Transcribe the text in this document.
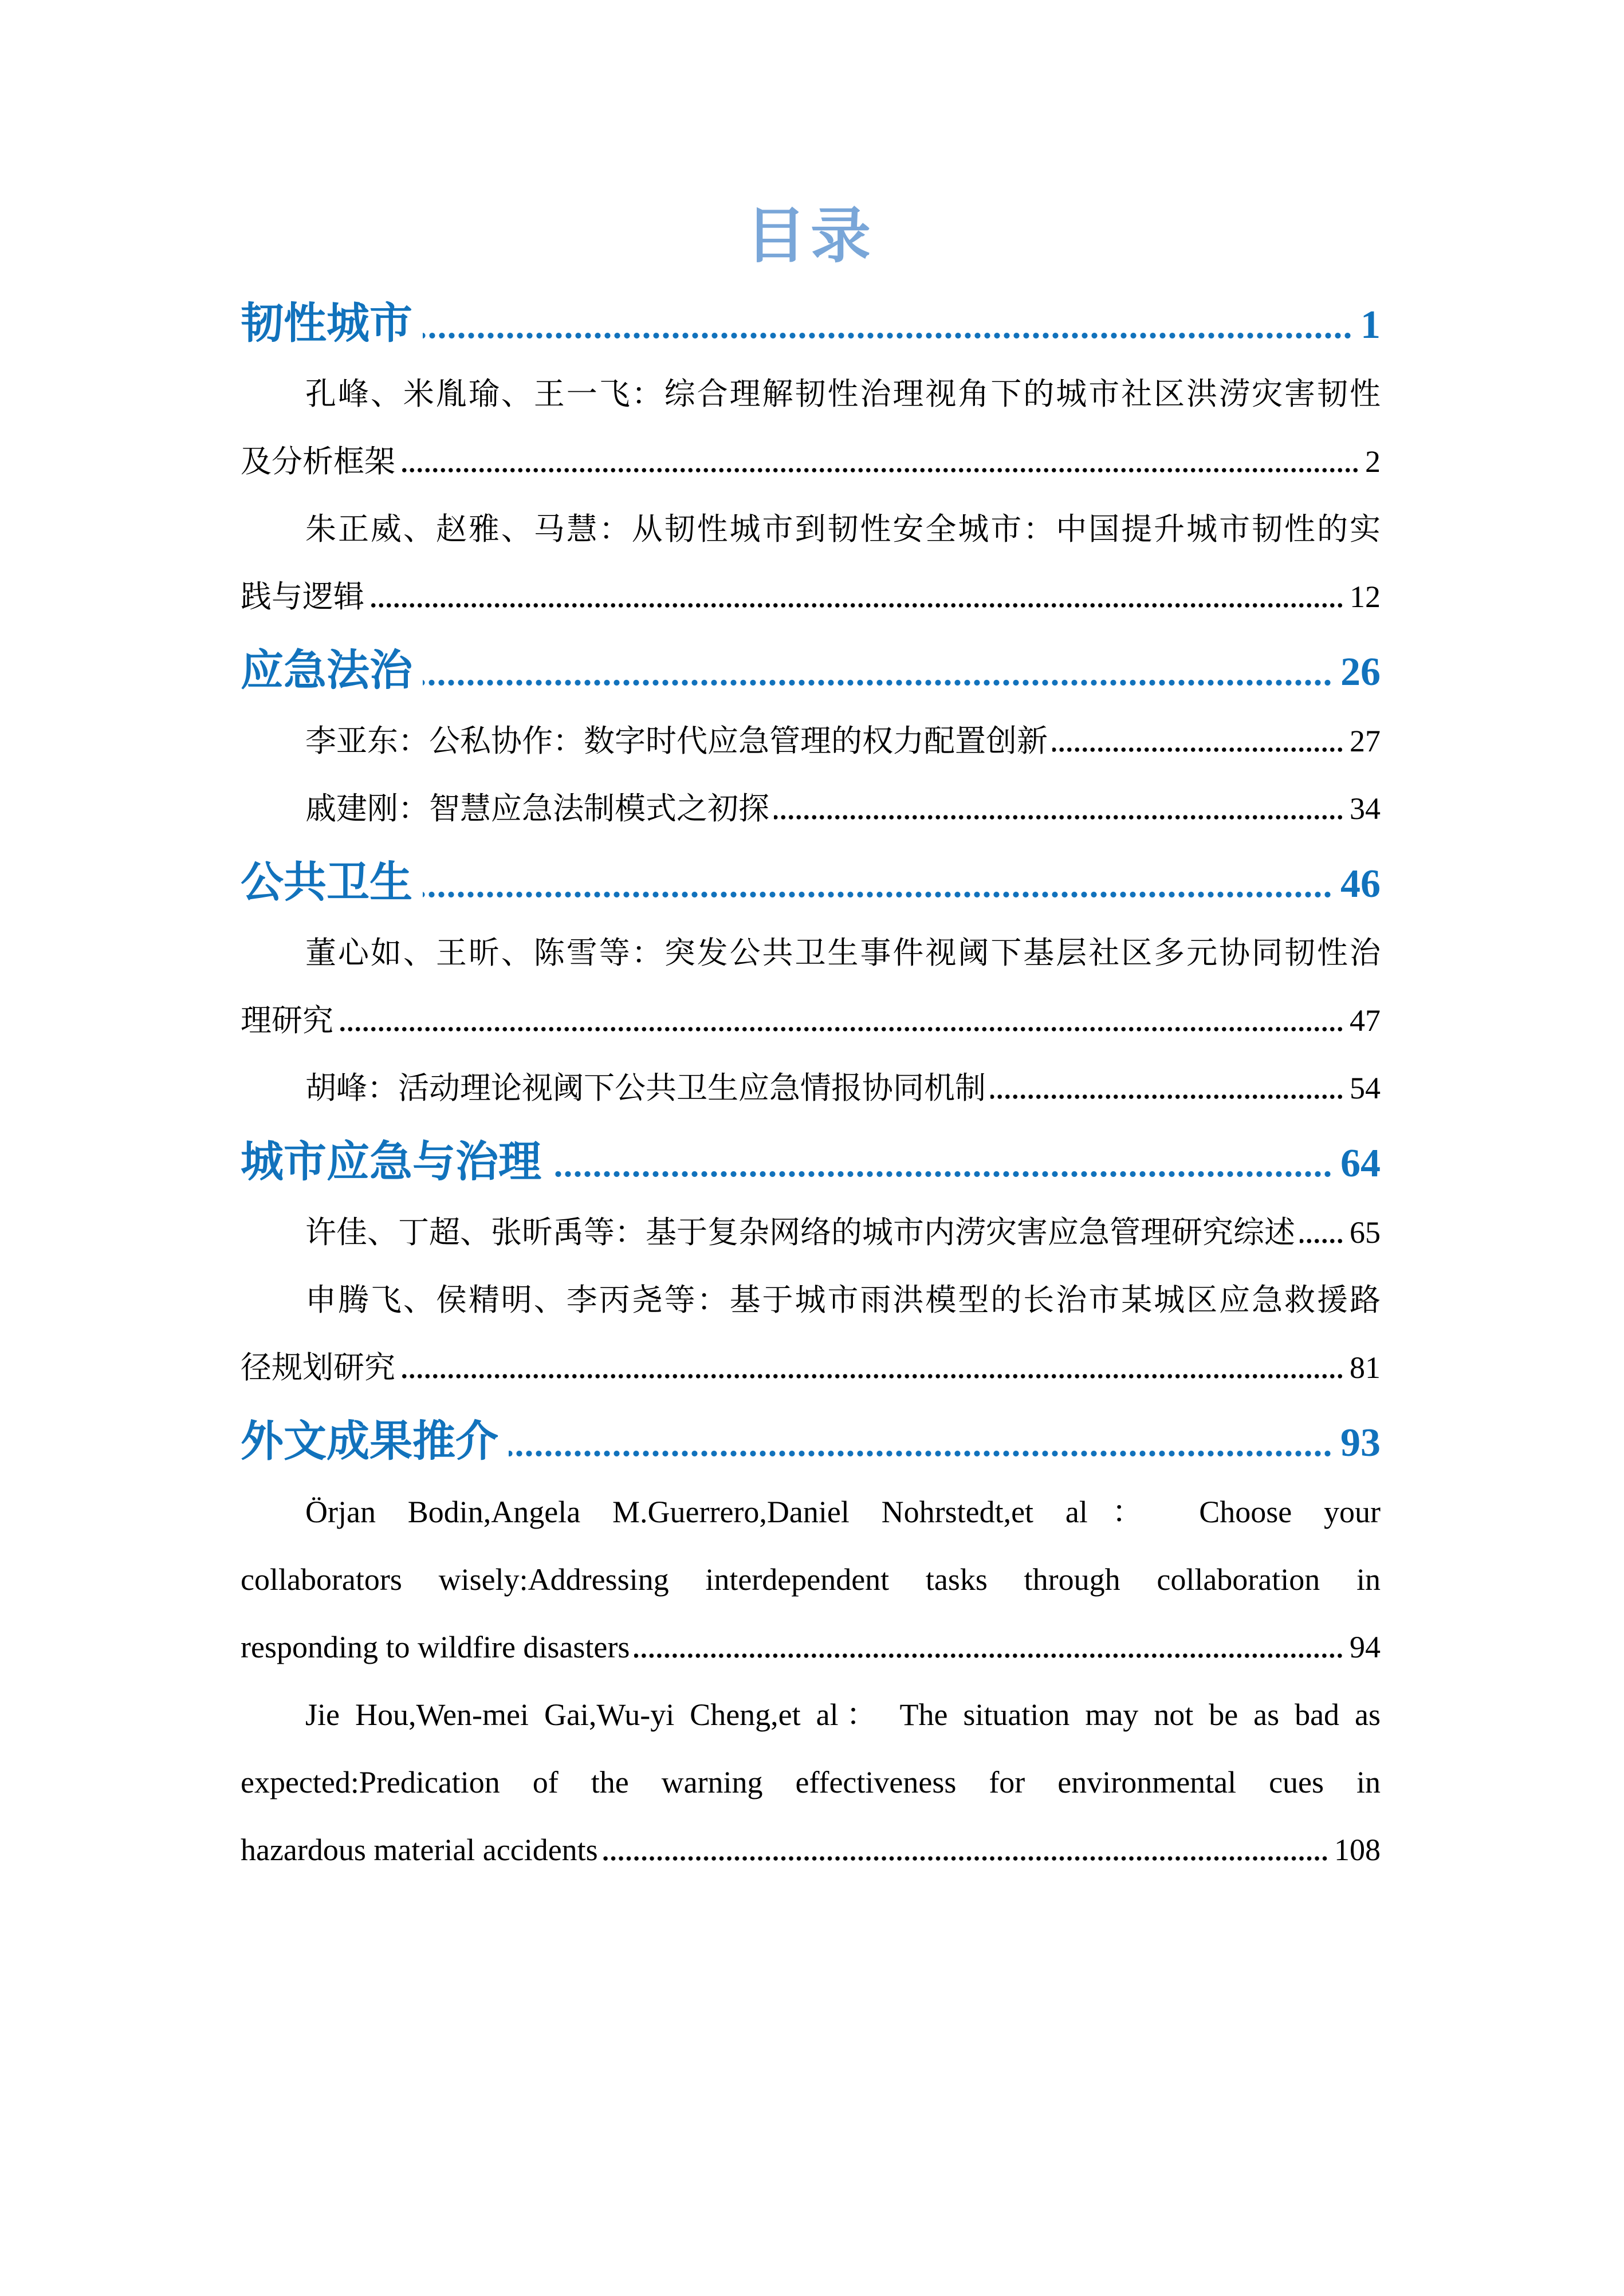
目录
韧性城市	1

孔峰、米胤瑜、王一飞：综合理解韧性治理视角下的城市社区洪涝灾害韧性

及分析框架	2

朱正威、赵雅、马慧：从韧性城市到韧性安全城市：中国提升城市韧性的实

践与逻辑	12
应急法治	26
李亚东：公私协作：数字时代应急管理的权力配置创新	27
戚建刚：智慧应急法制模式之初探	34
公共卫生	46

董心如、王昕、陈雪等：突发公共卫生事件视阈下基层社区多元协同韧性治

理研究	47
胡峰：活动理论视阈下公共卫生应急情报协同机制	54
城市应急与治理	64
许佳、丁超、张昕禹等：基于复杂网络的城市内涝灾害应急管理研究综述 65

申腾飞、侯精明、李丙尧等：基于城市雨洪模型的长治市某城区应急救援路

径规划研究	81
外文成果推介	93

Örjan Bodin,Angela M.Guerrero,Daniel Nohrstedt,et al： Choose your

collaborators wisely:Addressing interdependent tasks through collaboration in

responding to wildfire disasters	94

Jie Hou,Wen-mei Gai,Wu-yi Cheng,et al： The situation may not be as bad as

expected:Predication of the warning effectiveness for environmental cues in

hazardous material accidents	108
